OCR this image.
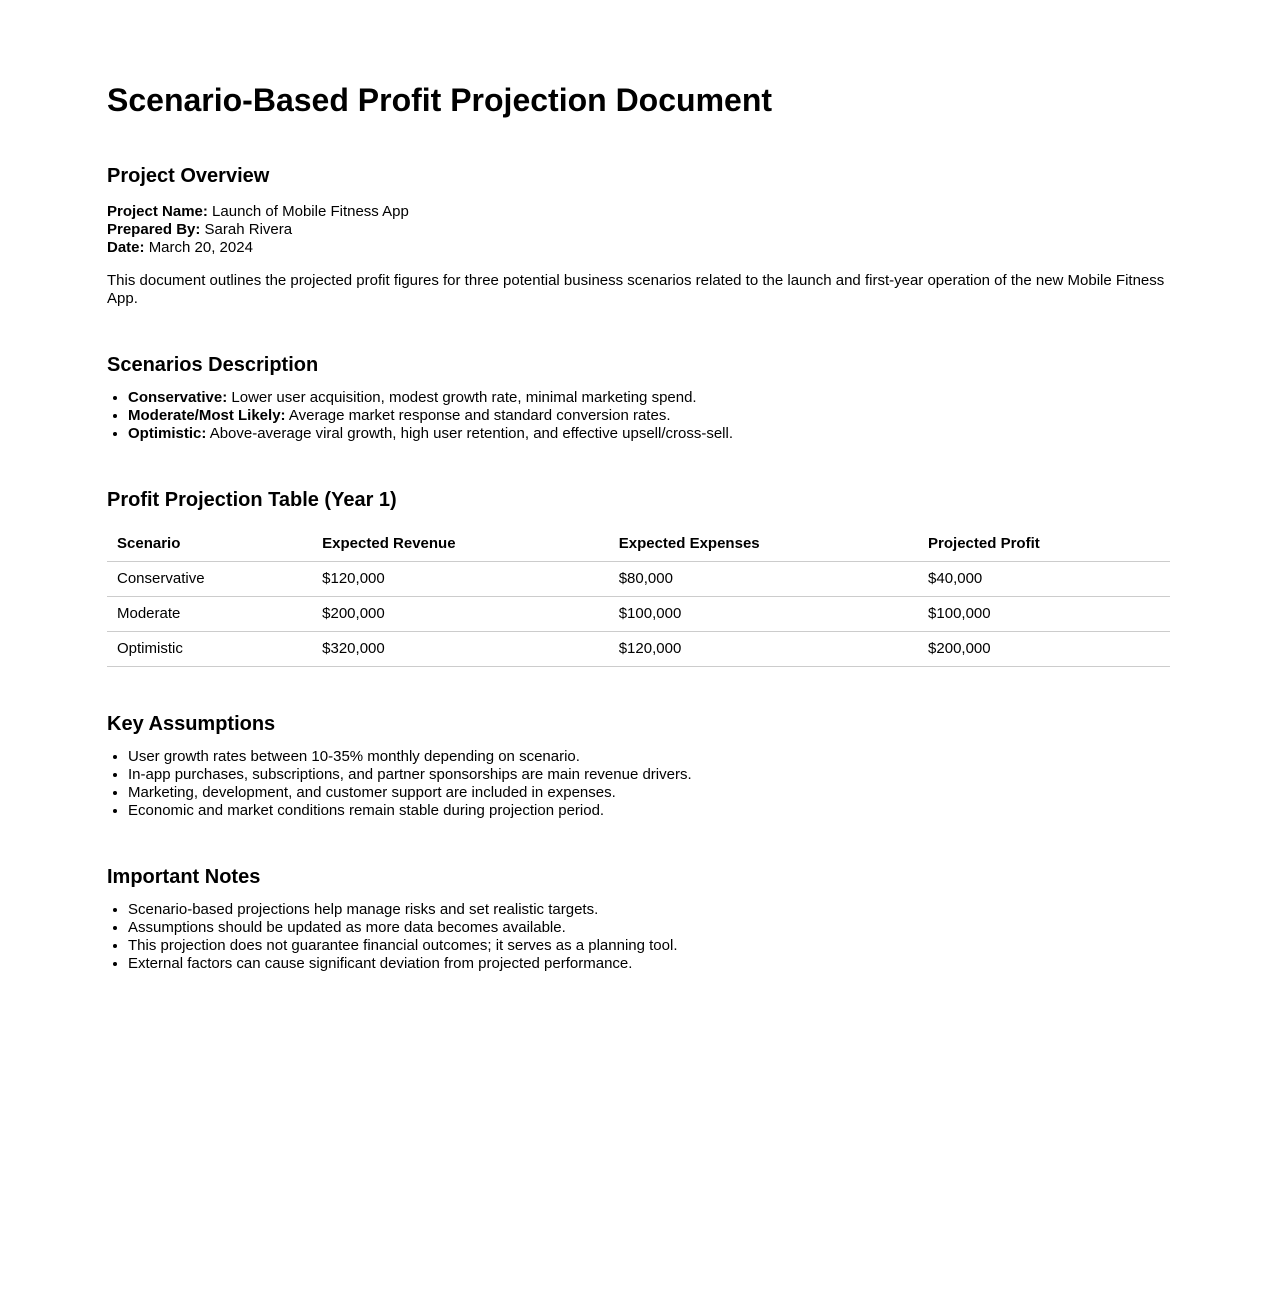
Scenario-Based Profit Projection Document
Project Overview

Project Name: Launch of Mobile Fitness App
Prepared By: Sarah Rivera
Date: March 20, 2024

This document outlines the projected profit figures for three potential business scenarios related to the launch and first-year operation of the new Mobile Fitness App.

Scenarios Description
• Conservative: Lower user acquisition, modest growth rate, minimal marketing spend.
• Moderate/Most Likely: Average market response and standard conversion rates.
• Optimistic: Above-average viral growth, high user retention, and effective upsell/cross-sell.
Profit Projection Table (Year 1)
Scenario	Expected Revenue	Expected Expenses	Projected Profit
Conservative	$120,000	$80,000	$40,000
Moderate	$200,000	$100,000	$100,000
Optimistic	$320,000	$120,000	$200,000
Key Assumptions
• User growth rates between 10-35% monthly depending on scenario.
• In-app purchases, subscriptions, and partner sponsorships are main revenue drivers.
• Marketing, development, and customer support are included in expenses.
• Economic and market conditions remain stable during projection period.
Important Notes
• Scenario-based projections help manage risks and set realistic targets.
• Assumptions should be updated as more data becomes available.
• This projection does not guarantee financial outcomes; it serves as a planning tool.
• External factors can cause significant deviation from projected performance.
